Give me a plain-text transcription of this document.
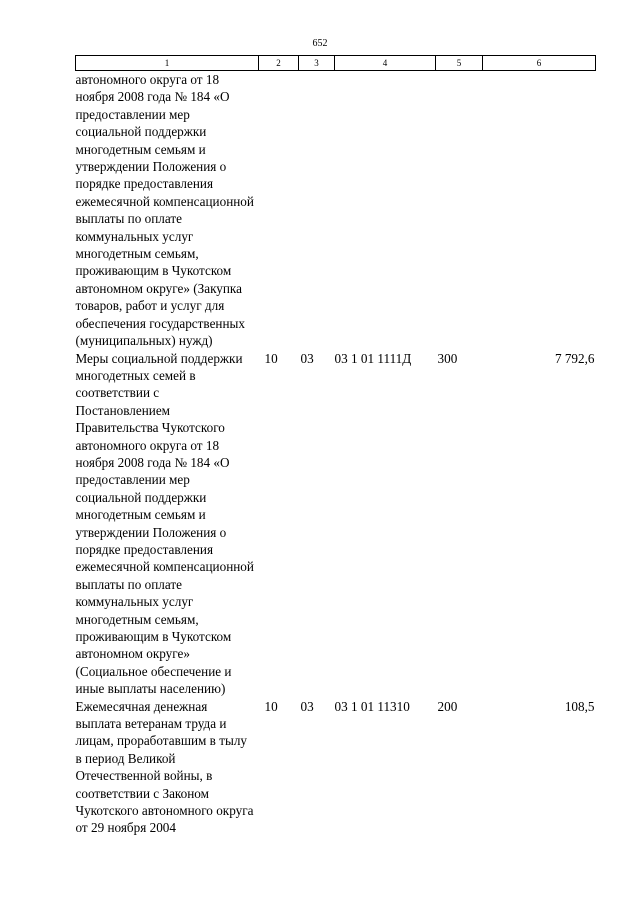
652
1	2	3	4	5	6
автономного округа от 18 ноября 2008 года № 184 «О предоставлении мер социальной поддержки многодетным семьям и утверждении Положения о порядке предоставления ежемесячной компенсационной выплаты по оплате коммунальных услуг многодетным семьям, проживающим в Чукотском автономном округе» (Закупка товаров, работ и услуг для обеспечения государственных (муниципальных) нужд)					
Меры социальной поддержки многодетных семей в соответствии с Постановлением Правительства Чукотского автономного округа от 18 ноября 2008 года № 184 «О предоставлении мер социальной поддержки многодетным семьям и утверждении Положения о порядке предоставления ежемесячной компенсационной выплаты по оплате коммунальных услуг многодетным семьям, проживающим в Чукотском автономном округе» (Социальное обеспечение и иные выплаты населению)	10	03	03 1 01 1111Д	300	7 792,6
Ежемесячная денежная выплата ветеранам труда и лицам, проработавшим в тылу в период Великой Отечественной войны, в соответствии с Законом Чукотского автономного округа от 29 ноября 2004	10	03	03 1 01 11310	200	108,5
